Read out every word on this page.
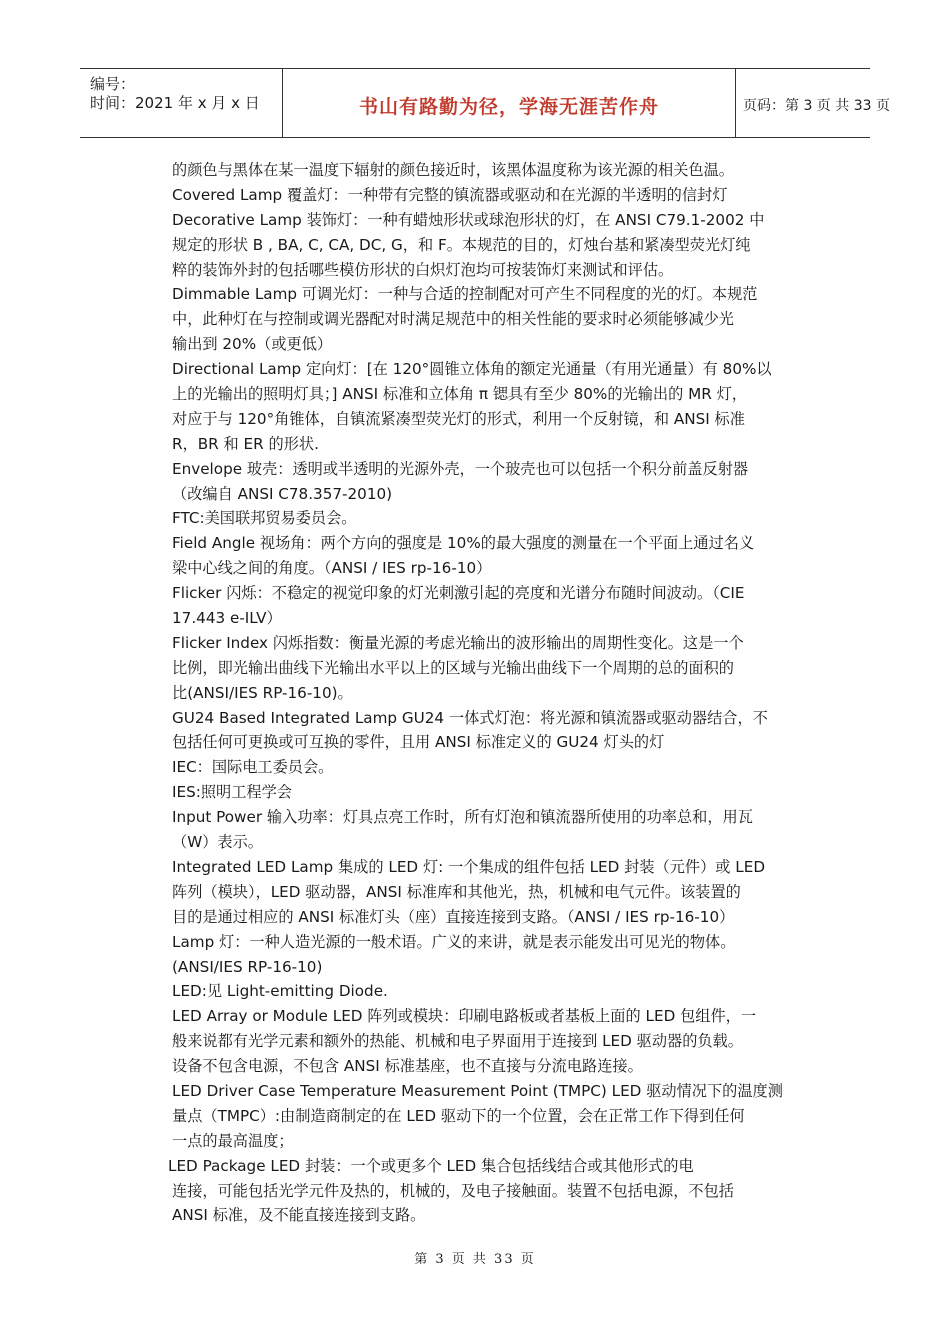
编号：
时间：2021 年 x 月 x 日	书山有路勤为径，学海无涯苦作舟	页码：第 3 页 共 33 页
的颜色与黑体在某一温度下辐射的颜色接近时，该黑体温度称为该光源的相关色温。
Covered Lamp 覆盖灯：一种带有完整的镇流器或驱动和在光源的半透明的信封灯
Decorative Lamp 装饰灯：一种有蜡烛形状或球泡形状的灯，在 ANSI C79.1-2002 中
规定的形状 B , BA, C, CA, DC, G，和 F。本规范的目的，灯烛台基和紧凑型荧光灯纯
粹的装饰外封的包括哪些模仿形状的白炽灯泡均可按装饰灯来测试和评估。
Dimmable Lamp 可调光灯：一种与合适的控制配对可产生不同程度的光的灯。本规范
中，此种灯在与控制或调光器配对时满足规范中的相关性能的要求时必须能够减少光
输出到 20%（或更低）
Directional Lamp 定向灯：[在 120°圆锥立体角的额定光通量（有用光通量）有 80%以
上的光输出的照明灯具；] ANSI 标准和立体角 π 锶具有至少 80%的光输出的 MR 灯，
对应于与 120°角锥体，自镇流紧凑型荧光灯的形式，利用一个反射镜，和 ANSI 标准
R，BR 和 ER 的形状.
Envelope 玻壳：透明或半透明的光源外壳，一个玻壳也可以包括一个积分前盖反射器
（改编自 ANSI C78.357-2010)
FTC:美国联邦贸易委员会。
Field Angle 视场角：两个方向的强度是 10%的最大强度的测量在一个平面上通过名义
梁中心线之间的角度。（ANSI / IES rp-16-10）
Flicker 闪烁：不稳定的视觉印象的灯光刺激引起的亮度和光谱分布随时间波动。（CIE
17.443 e-ILV）
Flicker Index 闪烁指数：衡量光源的考虑光输出的波形输出的周期性变化。这是一个
比例，即光输出曲线下光输出水平以上的区域与光输出曲线下一个周期的总的面积的
比(ANSI/IES RP-16-10)。
GU24 Based Integrated Lamp GU24 一体式灯泡：将光源和镇流器或驱动器结合，不
包括任何可更换或可互换的零件，且用 ANSI 标准定义的 GU24 灯头的灯
IEC：国际电工委员会。
IES:照明工程学会
Input Power 输入功率：灯具点亮工作时，所有灯泡和镇流器所使用的功率总和，用瓦
（W）表示。
Integrated LED Lamp 集成的 LED 灯: 一个集成的组件包括 LED 封装（元件）或 LED
阵列（模块），LED 驱动器，ANSI 标准库和其他光，热，机械和电气元件。该装置的
目的是通过相应的 ANSI 标准灯头（座）直接连接到支路。（ANSI / IES rp-16-10）
Lamp 灯：一种人造光源的一般术语。广义的来讲，就是表示能发出可见光的物体。
(ANSI/IES RP-16-10)
LED:见 Light-emitting Diode.
LED Array or Module LED 阵列或模块：印刷电路板或者基板上面的 LED 包组件，一
般来说都有光学元素和额外的热能、机械和电子界面用于连接到 LED 驱动器的负载。
设备不包含电源，不包含 ANSI 标准基座，也不直接与分流电路连接。
LED Driver Case Temperature Measurement Point (TMPC) LED 驱动情况下的温度测
量点（TMPC）:由制造商制定的在 LED 驱动下的一个位置，会在正常工作下得到任何
一点的最高温度；
LED Package LED 封装：一个或更多个 LED 集合包括线结合或其他形式的电
连接，可能包括光学元件及热的，机械的，及电子接触面。装置不包括电源，不包括
ANSI 标准，及不能直接连接到支路。
第 3 页 共 33 页
